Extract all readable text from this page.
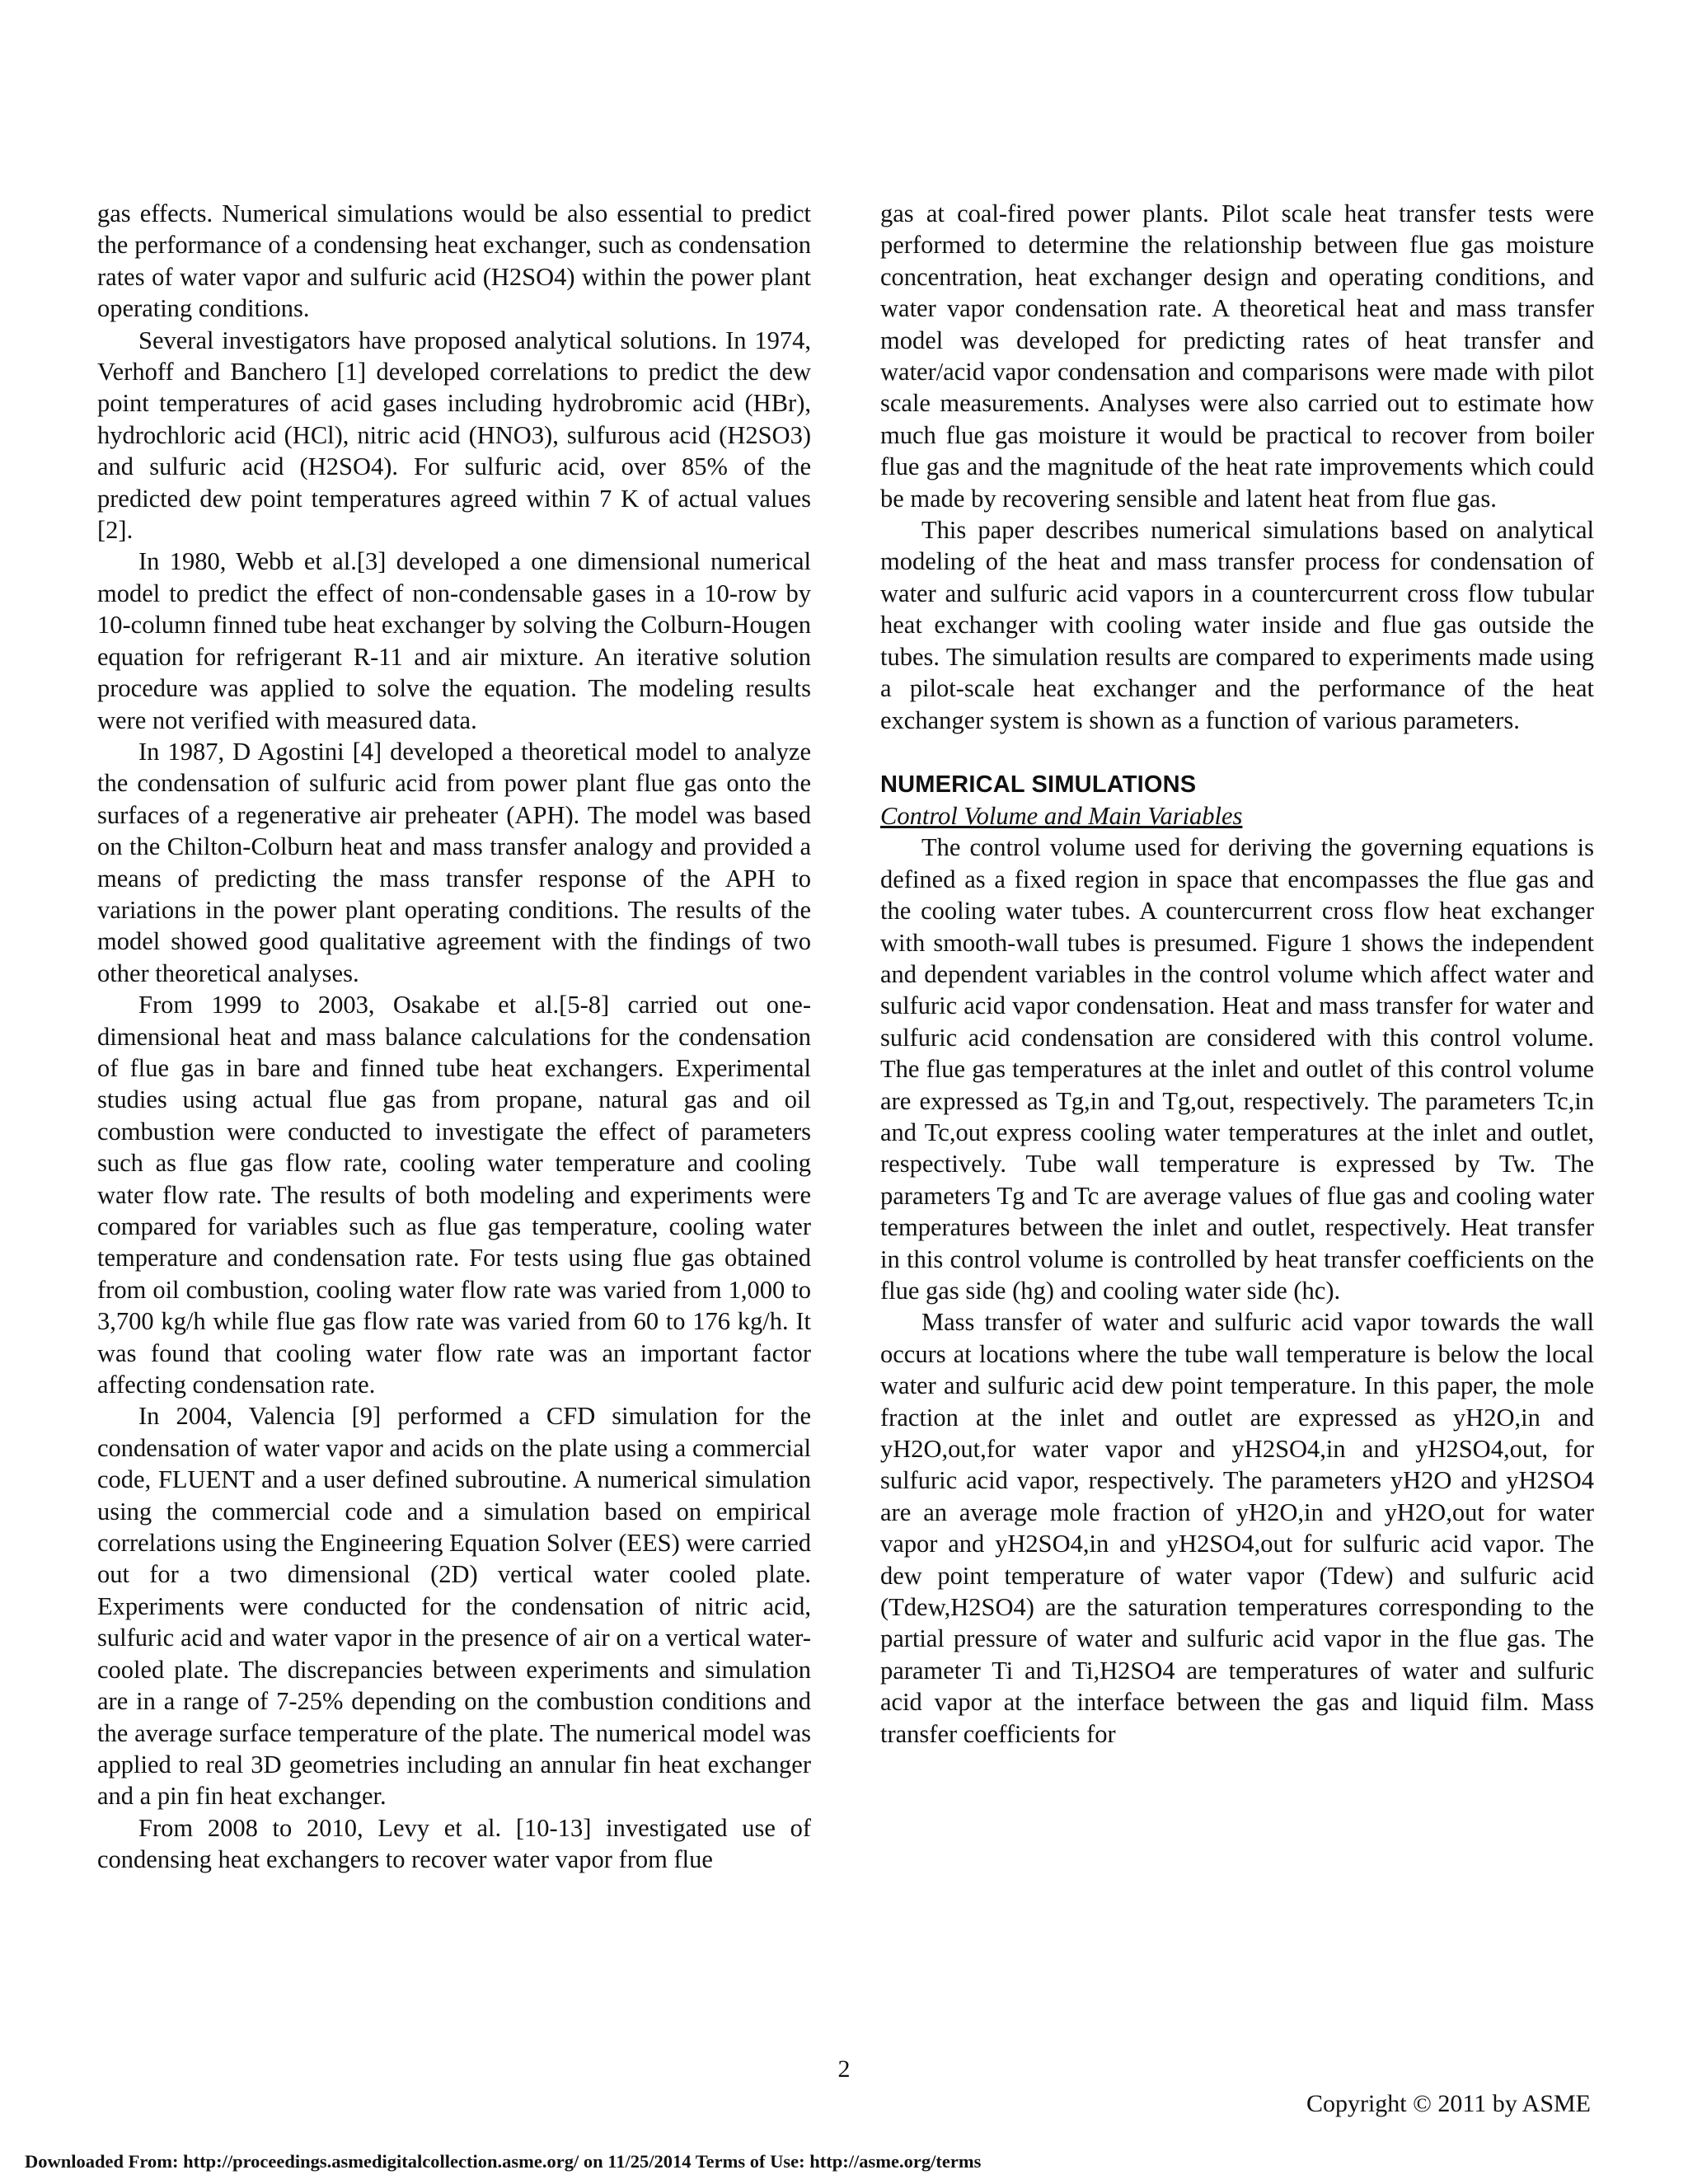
gas effects. Numerical simulations would be also essential to predict the performance of a condensing heat exchanger, such as condensation rates of water vapor and sulfuric acid (H2SO4) within the power plant operating conditions.

Several investigators have proposed analytical solutions. In 1974, Verhoff and Banchero [1] developed correlations to predict the dew point temperatures of acid gases including hydrobromic acid (HBr), hydrochloric acid (HCl), nitric acid (HNO3), sulfurous acid (H2SO3) and sulfuric acid (H2SO4). For sulfuric acid, over 85% of the predicted dew point temperatures agreed within 7 K of actual values [2].

In 1980, Webb et al.[3] developed a one dimensional numerical model to predict the effect of non-condensable gases in a 10-row by 10-column finned tube heat exchanger by solving the Colburn-Hougen equation for refrigerant R-11 and air mixture. An iterative solution procedure was applied to solve the equation. The modeling results were not verified with measured data.

In 1987, D Agostini [4] developed a theoretical model to analyze the condensation of sulfuric acid from power plant flue gas onto the surfaces of a regenerative air preheater (APH). The model was based on the Chilton-Colburn heat and mass transfer analogy and provided a means of predicting the mass transfer response of the APH to variations in the power plant operating conditions. The results of the model showed good qualitative agreement with the findings of two other theoretical analyses.

From 1999 to 2003, Osakabe et al.[5-8] carried out one-dimensional heat and mass balance calculations for the condensation of flue gas in bare and finned tube heat exchangers. Experimental studies using actual flue gas from propane, natural gas and oil combustion were conducted to investigate the effect of parameters such as flue gas flow rate, cooling water temperature and cooling water flow rate. The results of both modeling and experiments were compared for variables such as flue gas temperature, cooling water temperature and condensation rate. For tests using flue gas obtained from oil combustion, cooling water flow rate was varied from 1,000 to 3,700 kg/h while flue gas flow rate was varied from 60 to 176 kg/h. It was found that cooling water flow rate was an important factor affecting condensation rate.

In 2004, Valencia [9] performed a CFD simulation for the condensation of water vapor and acids on the plate using a commercial code, FLUENT and a user defined subroutine. A numerical simulation using the commercial code and a simulation based on empirical correlations using the Engineering Equation Solver (EES) were carried out for a two dimensional (2D) vertical water cooled plate. Experiments were conducted for the condensation of nitric acid, sulfuric acid and water vapor in the presence of air on a vertical water-cooled plate. The discrepancies between experiments and simulation are in a range of 7-25% depending on the combustion conditions and the average surface temperature of the plate. The numerical model was applied to real 3D geometries including an annular fin heat exchanger and a pin fin heat exchanger.

From 2008 to 2010, Levy et al. [10-13] investigated use of condensing heat exchangers to recover water vapor from flue

gas at coal-fired power plants. Pilot scale heat transfer tests were performed to determine the relationship between flue gas moisture concentration, heat exchanger design and operating conditions, and water vapor condensation rate. A theoretical heat and mass transfer model was developed for predicting rates of heat transfer and water/acid vapor condensation and comparisons were made with pilot scale measurements. Analyses were also carried out to estimate how much flue gas moisture it would be practical to recover from boiler flue gas and the magnitude of the heat rate improvements which could be made by recovering sensible and latent heat from flue gas.

This paper describes numerical simulations based on analytical modeling of the heat and mass transfer process for condensation of water and sulfuric acid vapors in a countercurrent cross flow tubular heat exchanger with cooling water inside and flue gas outside the tubes. The simulation results are compared to experiments made using a pilot-scale heat exchanger and the performance of the heat exchanger system is shown as a function of various parameters.

NUMERICAL SIMULATIONS

Control Volume and Main Variables

The control volume used for deriving the governing equations is defined as a fixed region in space that encompasses the flue gas and the cooling water tubes. A countercurrent cross flow heat exchanger with smooth-wall tubes is presumed. Figure 1 shows the independent and dependent variables in the control volume which affect water and sulfuric acid vapor condensation. Heat and mass transfer for water and sulfuric acid condensation are considered with this control volume. The flue gas temperatures at the inlet and outlet of this control volume are expressed as Tg,in and Tg,out, respectively. The parameters Tc,in and Tc,out express cooling water temperatures at the inlet and outlet, respectively. Tube wall temperature is expressed by Tw. The parameters Tg and Tc are average values of flue gas and cooling water temperatures between the inlet and outlet, respectively. Heat transfer in this control volume is controlled by heat transfer coefficients on the flue gas side (hg) and cooling water side (hc).

Mass transfer of water and sulfuric acid vapor towards the wall occurs at locations where the tube wall temperature is below the local water and sulfuric acid dew point temperature. In this paper, the mole fraction at the inlet and outlet are expressed as yH2O,in and yH2O,out,for water vapor and yH2SO4,in and yH2SO4,out, for sulfuric acid vapor, respectively. The parameters yH2O and yH2SO4 are an average mole fraction of yH2O,in and yH2O,out for water vapor and yH2SO4,in and yH2SO4,out for sulfuric acid vapor. The dew point temperature of water vapor (Tdew) and sulfuric acid (Tdew,H2SO4) are the saturation temperatures corresponding to the partial pressure of water and sulfuric acid vapor in the flue gas. The parameter Ti and Ti,H2SO4 are temperatures of water and sulfuric acid vapor at the interface between the gas and liquid film. Mass transfer coefficients for

2
Copyright © 2011 by ASME
Downloaded From: http://proceedings.asmedigitalcollection.asme.org/ on 11/25/2014 Terms of Use: http://asme.org/terms
